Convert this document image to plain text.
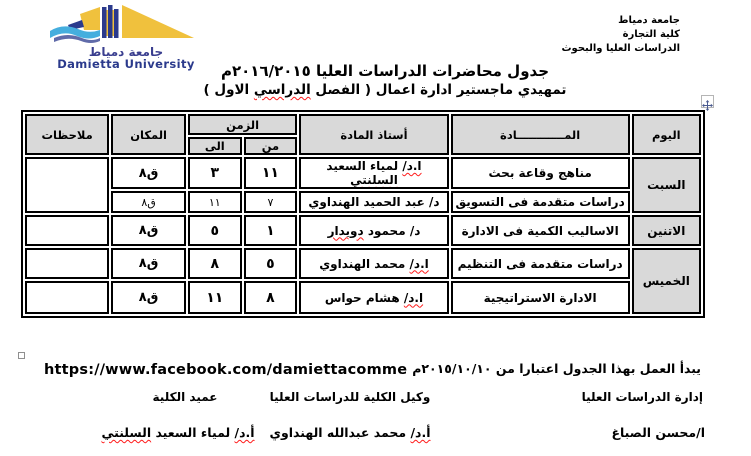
جامعة دمياط
Damietta University
جامعة دمياط
كلية التجارة
الدراسات العليا والبحوث
جدول محاضرات الدراسات العليا ٢٠١٦/٢٠١٥م
تمهيدي ماجستير ادارة اعمال ( الفصل الدراسي الاول )
اليوم	المــــــــــــادة	أستاذ المادة	الزمن		المكان	ملاحظات
			من	الى		
السبت	مناهج وقاعة بحث	ا.د/ لمياء السعيد السلنتي	١١	٣	ق٨	
	دراسات متقدمة فى التسويق	د/ عبد الحميد الهنداوي	٧	١١	ق٨	
الاتنين	الاساليب الكمية فى الادارة	د/ محمود دويدار	١	٥	ق٨	
الخميس	دراسات متقدمة فى التنظيم	ا.د/ محمد الهنداوي	٥	٨	ق٨	
	الادارة الاستراتيجية	ا.د/ هشام حواس	٨	١١	ق٨	
يبدأ العمل بهذا الجدول اعتبارا من ٢٠١٥/١٠/١٠م
https://www.facebook.com/damiettacomme
إدارة الدراسات العليا
ا/محسن الصباغ
وكيل الكلية للدراسات العليا
أ.د/ محمد عبدالله الهنداوي
عميد الكلية
أ.د/ لمياء السعيد السلنتي
